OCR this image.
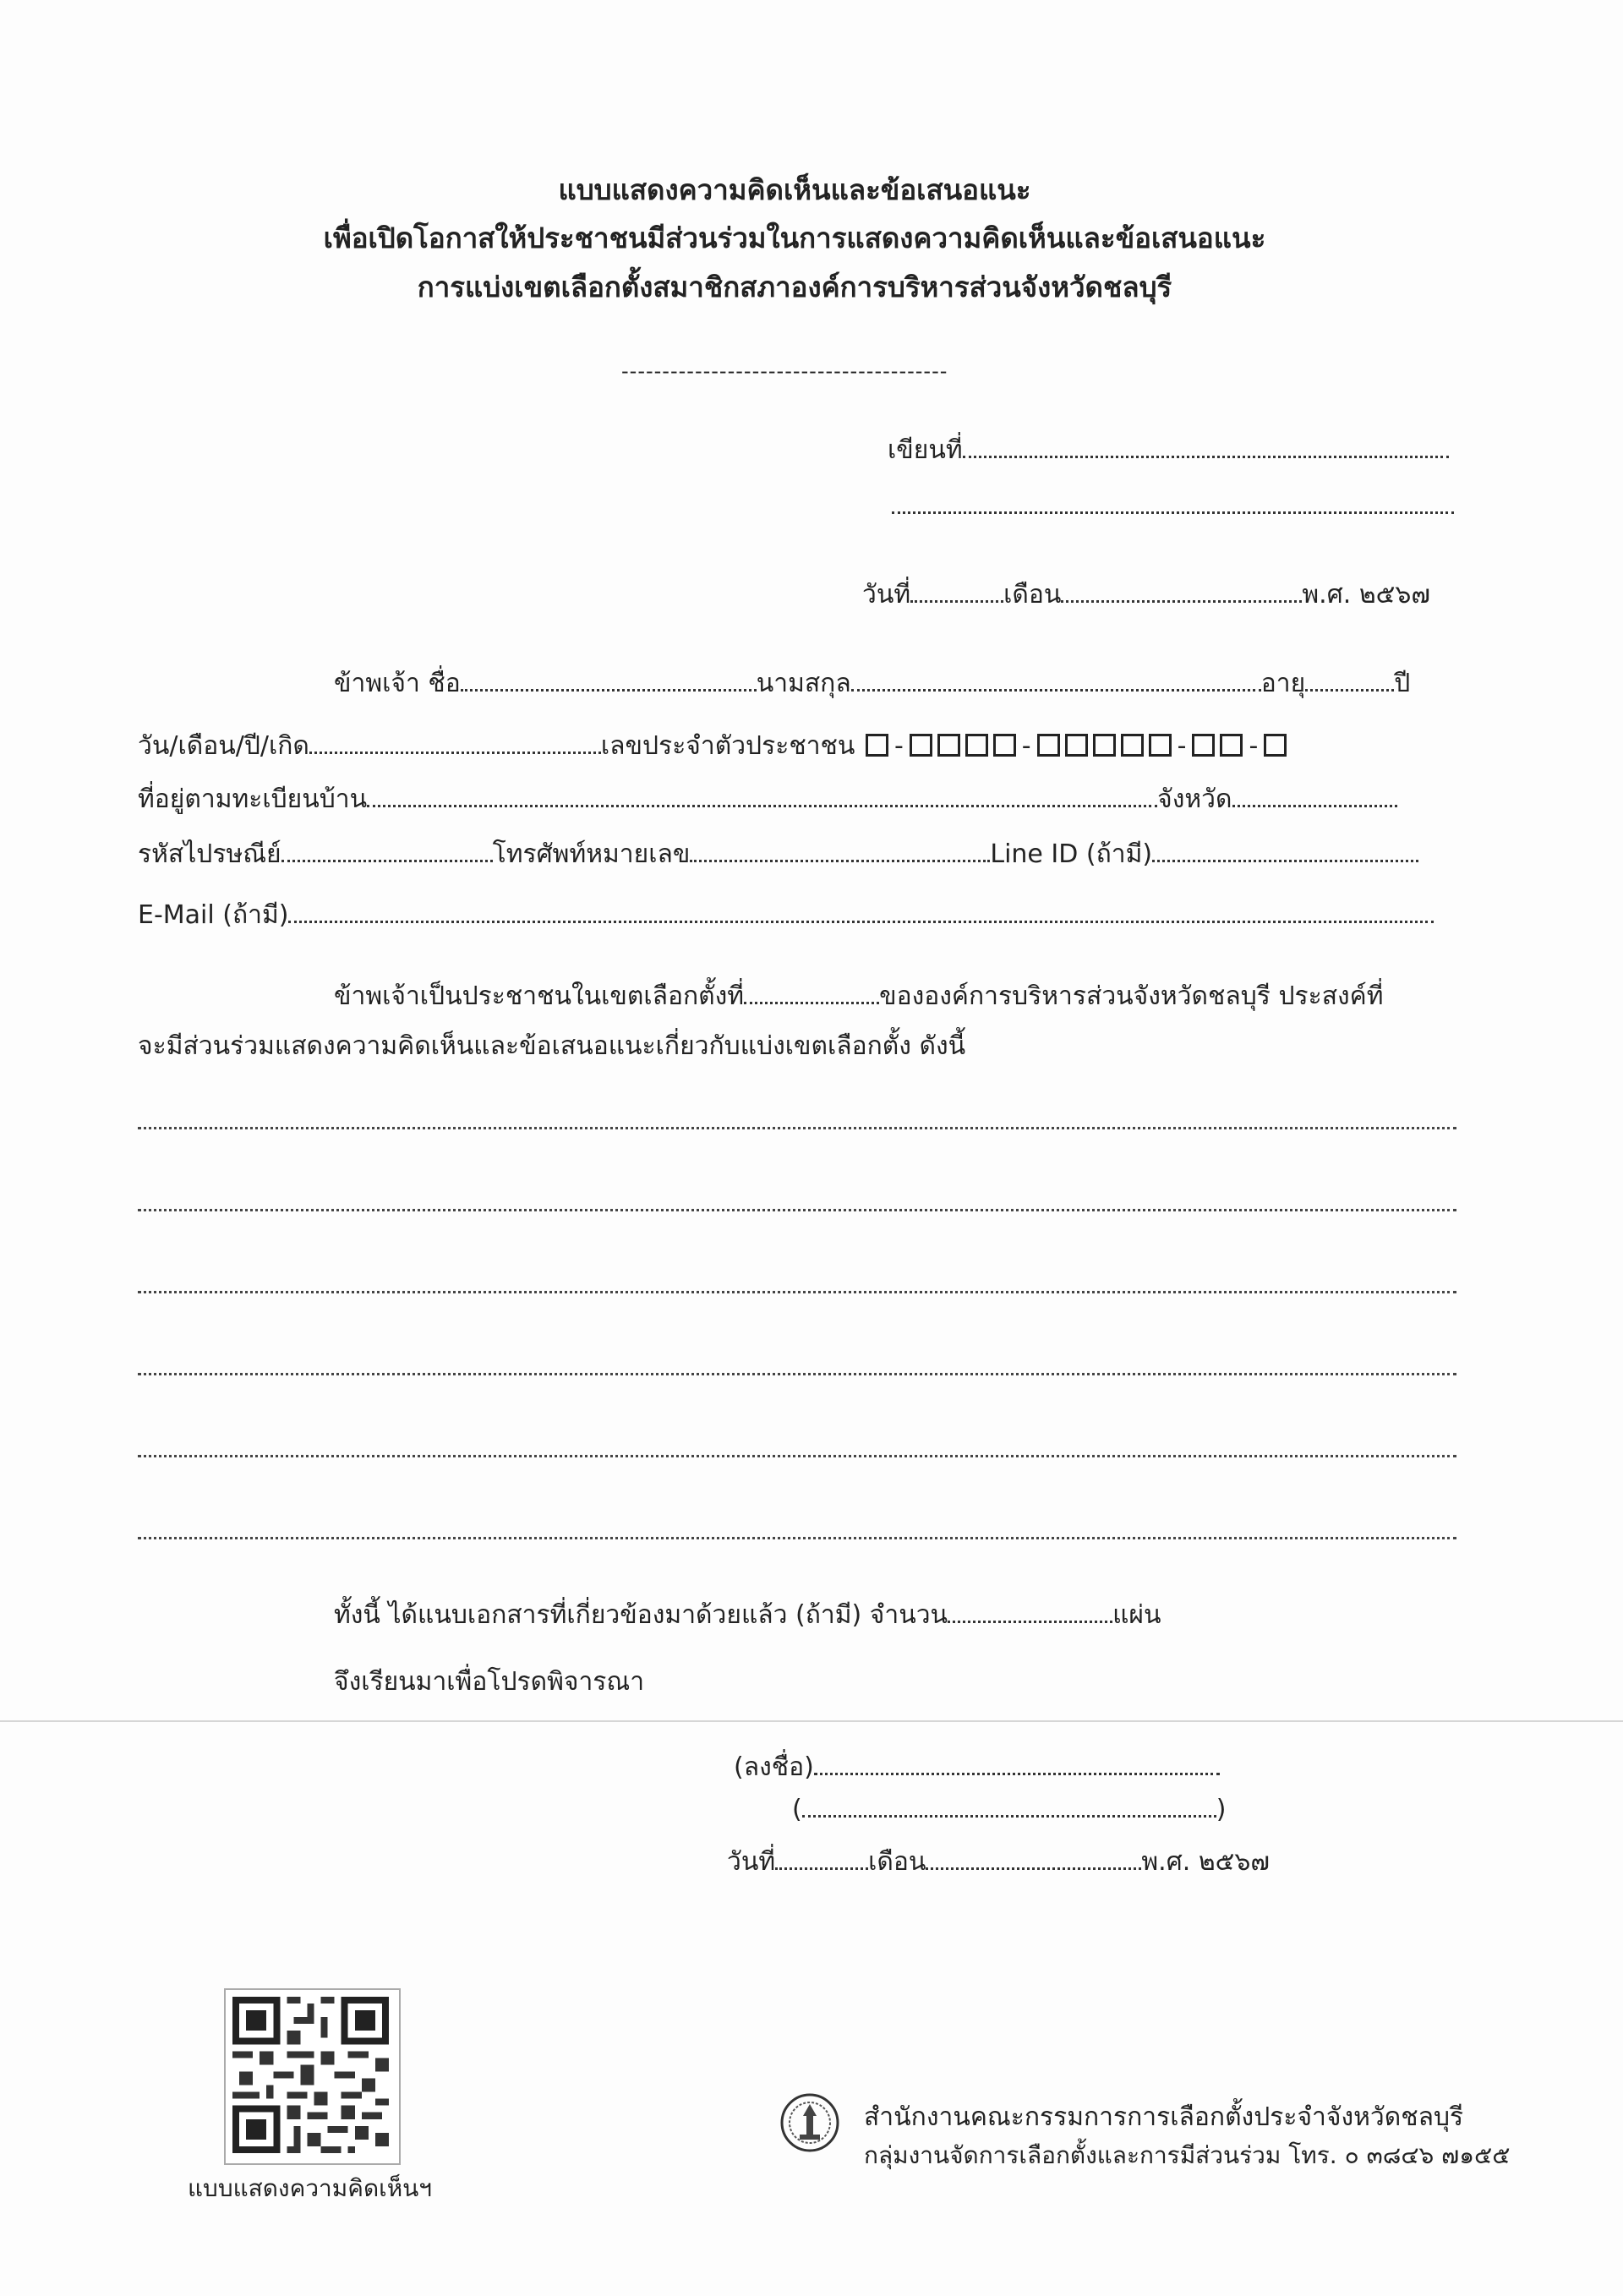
แบบแสดงความคิดเห็นและข้อเสนอแนะ
เพื่อเปิดโอกาสให้ประชาชนมีส่วนร่วมในการแสดงความคิดเห็นและข้อเสนอแนะ
การแบ่งเขตเลือกตั้งสมาชิกสภาองค์การบริหารส่วนจังหวัดชลบุรี
----------------------------------------
เขียนที่
วันที่	เดือน	พ.ศ. ๒๕๖๗
ข้าพเจ้า ชื่อ	นามสกุล	อายุ	ปี
วัน/เดือน/ปี/เกิด	เลขประจำตัวประชาชน -	-	- -
ที่อยู่ตามทะเบียนบ้าน	จังหวัด
รหัสไปรษณีย์	โทรศัพท์หมายเลข	Line ID (ถ้ามี)
E-Mail (ถ้ามี)
ข้าพเจ้าเป็นประชาชนในเขตเลือกตั้งที่	ขององค์การบริหารส่วนจังหวัดชลบุรี ประสงค์ที่
จะมีส่วนร่วมแสดงความคิดเห็นและข้อเสนอแนะเกี่ยวกับแบ่งเขตเลือกตั้ง ดังนี้
ทั้งนี้ ได้แนบเอกสารที่เกี่ยวข้องมาด้วยแล้ว (ถ้ามี) จำนวน	แผ่น
จึงเรียนมาเพื่อโปรดพิจารณา
(ลงชื่อ)
(	)
วันที่	เดือน	พ.ศ. ๒๕๖๗
แบบแสดงความคิดเห็นฯ
สำนักงานคณะกรรมการการเลือกตั้งประจำจังหวัดชลบุรี
กลุ่มงานจัดการเลือกตั้งและการมีส่วนร่วม โทร. ๐ ๓๘๔๖ ๗๑๕๕
